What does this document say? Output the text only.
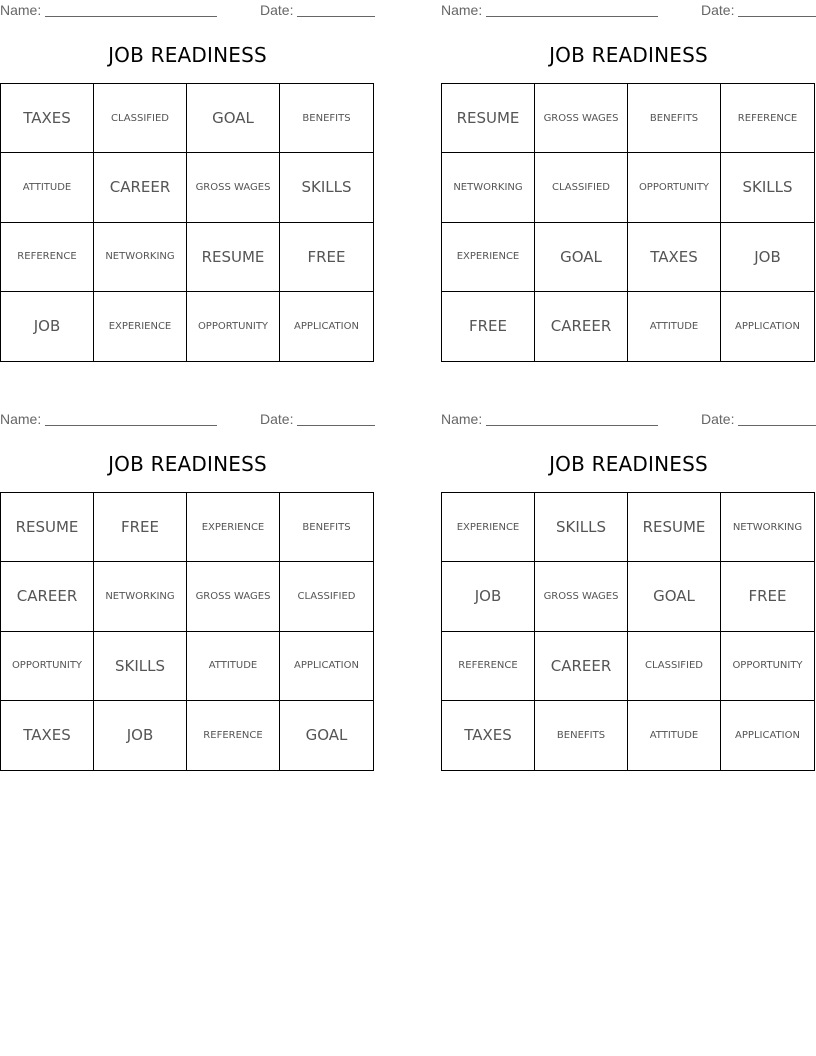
Name:	Date:
JOB READINESS
TAXES	CLASSIFIED	GOAL	BENEFITS
ATTITUDE	CAREER	GROSS WAGES	SKILLS
REFERENCE	NETWORKING	RESUME	FREE
JOB	EXPERIENCE	OPPORTUNITY	APPLICATION
Name:	Date:
JOB READINESS
RESUME	GROSS WAGES	BENEFITS	REFERENCE
NETWORKING	CLASSIFIED	OPPORTUNITY	SKILLS
EXPERIENCE	GOAL	TAXES	JOB
FREE	CAREER	ATTITUDE	APPLICATION
Name:	Date:
JOB READINESS
RESUME	FREE	EXPERIENCE	BENEFITS
CAREER	NETWORKING	GROSS WAGES	CLASSIFIED
OPPORTUNITY	SKILLS	ATTITUDE	APPLICATION
TAXES	JOB	REFERENCE	GOAL
Name:	Date:
JOB READINESS
EXPERIENCE	SKILLS	RESUME	NETWORKING
JOB	GROSS WAGES	GOAL	FREE
REFERENCE	CAREER	CLASSIFIED	OPPORTUNITY
TAXES	BENEFITS	ATTITUDE	APPLICATION
